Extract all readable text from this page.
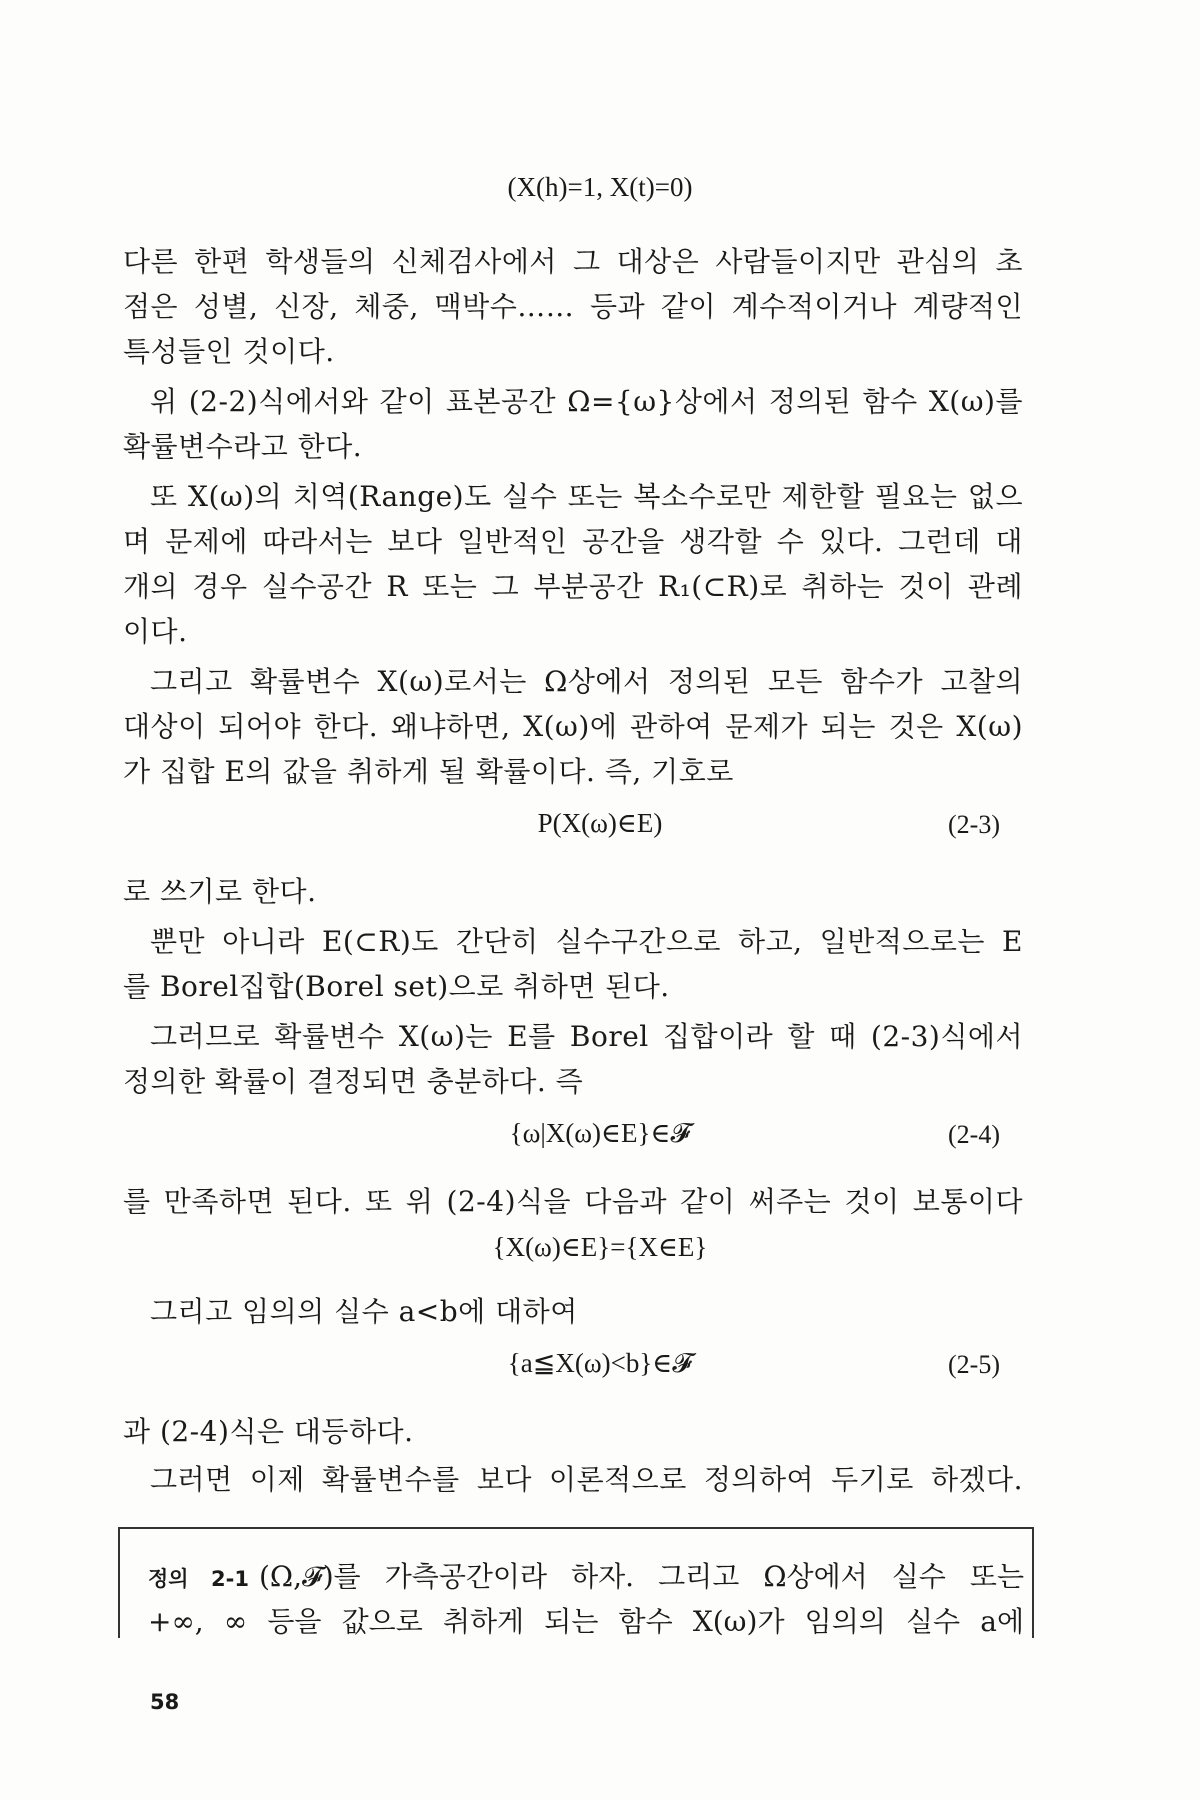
(X(h)=1, X(t)=0)
다른 한편 학생들의 신체검사에서 그 대상은 사람들이지만 관심의 초
점은 성별, 신장, 체중, 맥박수…… 등과 같이 계수적이거나 계량적인
특성들인 것이다.
위 (2-2)식에서와 같이 표본공간 Ω={ω}상에서 정의된 함수 X(ω)를
확률변수라고 한다.
또 X(ω)의 치역(Range)도 실수 또는 복소수로만 제한할 필요는 없으
며 문제에 따라서는 보다 일반적인 공간을 생각할 수 있다. 그런데 대
개의 경우 실수공간 R 또는 그 부분공간 R₁(⊂R)로 취하는 것이 관례
이다.
그리고 확률변수 X(ω)로서는 Ω상에서 정의된 모든 함수가 고찰의
대상이 되어야 한다. 왜냐하면, X(ω)에 관하여 문제가 되는 것은 X(ω)
가 집합 E의 값을 취하게 될 확률이다. 즉, 기호로
P(X(ω)∈E)	(2-3)
로 쓰기로 한다.
뿐만 아니라 E(⊂R)도 간단히 실수구간으로 하고, 일반적으로는 E
를 Borel집합(Borel set)으로 취하면 된다.
그러므로 확률변수 X(ω)는 E를 Borel 집합이라 할 때 (2-3)식에서
정의한 확률이 결정되면 충분하다. 즉
{ω|X(ω)∈E}∈𝓕	(2-4)
를 만족하면 된다. 또 위 (2-4)식을 다음과 같이 써주는 것이 보통이다
{X(ω)∈E}={X∈E}
그리고 임의의 실수 a<b에 대하여
{a≦X(ω)<b}∈𝓕	(2-5)
과 (2-4)식은 대등하다.
그러면 이제 확률변수를 보다 이론적으로 정의하여 두기로 하겠다.
정의 2-1 (Ω,𝓕)를 가측공간이라 하자. 그리고 Ω상에서 실수 또는
+∞, ∞ 등을 값으로 취하게 되는 함수 X(ω)가 임의의 실수 a에
58
